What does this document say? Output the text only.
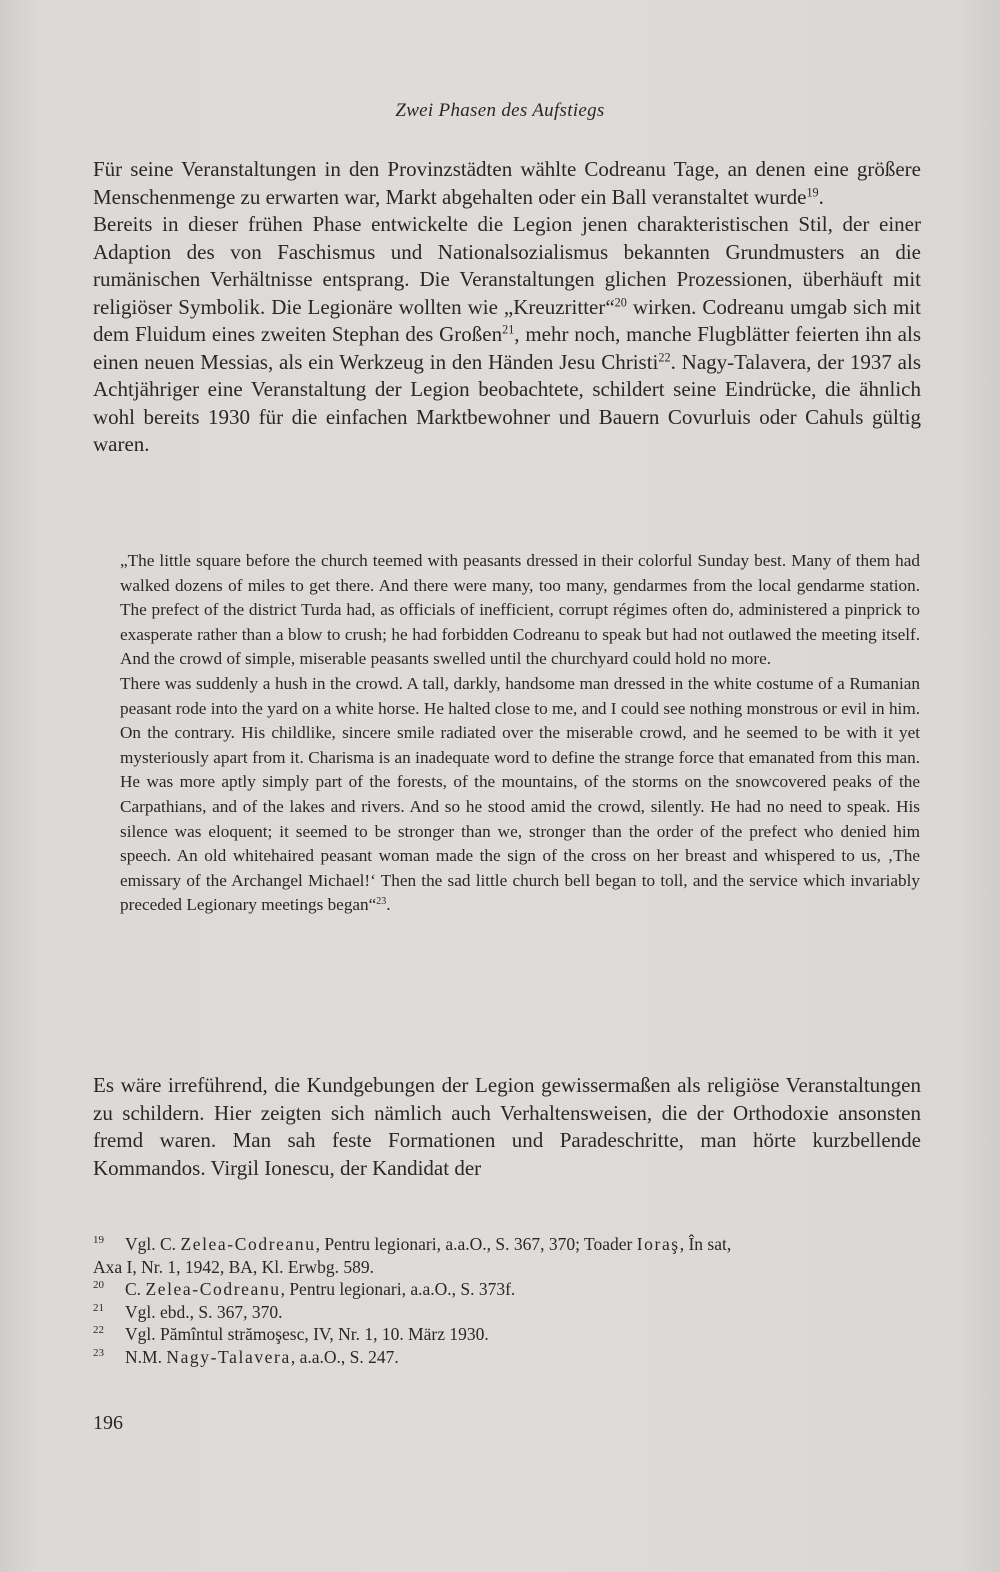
Zwei Phasen des Aufstiegs

Für seine Veranstaltungen in den Provinzstädten wählte Codreanu Tage, an denen eine größere Menschenmenge zu erwarten war, Markt abgehalten oder ein Ball veranstaltet wurde$^{19}$.

Bereits in dieser frühen Phase entwickelte die Legion jenen charakteristischen Stil, der einer Adaption des von Faschismus und Nationalsozialismus bekannten Grundmusters an die rumänischen Verhältnisse entsprang. Die Veranstaltungen glichen Prozessionen, überhäuft mit religiöser Symbolik. Die Legionäre wollten wie „Kreuzritter“$^{20}$ wirken. Codreanu umgab sich mit dem Fluidum eines zweiten Stephan des Großen$^{21}$, mehr noch, manche Flugblätter feierten ihn als einen neuen Messias, als ein Werkzeug in den Händen Jesu Christi$^{22}$. Nagy-Talavera, der 1937 als Achtjähriger eine Veranstaltung der Legion beobachtete, schildert seine Eindrücke, die ähnlich wohl bereits 1930 für die einfachen Marktbewohner und Bauern Covurluis oder Cahuls gültig waren.

„The little square before the church teemed with peasants dressed in their colorful Sunday best. Many of them had walked dozens of miles to get there. And there were many, too many, gendarmes from the local gendarme station. The prefect of the district Turda had, as officials of inefficient, corrupt régimes often do, administered a pinprick to exasperate rather than a blow to crush; he had forbidden Codreanu to speak but had not outlawed the meeting itself. And the crowd of simple, miserable peasants swelled until the churchyard could hold no more.

There was suddenly a hush in the crowd. A tall, darkly, handsome man dressed in the white costume of a Rumanian peasant rode into the yard on a white horse. He halted close to me, and I could see nothing monstrous or evil in him. On the contrary. His childlike, sincere smile radiated over the miserable crowd, and he seemed to be with it yet mysteriously apart from it. Charisma is an inadequate word to define the strange force that emanated from this man. He was more aptly simply part of the forests, of the mountains, of the storms on the snowcovered peaks of the Carpathians, and of the lakes and rivers. And so he stood amid the crowd, silently. He had no need to speak. His silence was eloquent; it seemed to be stronger than we, stronger than the order of the prefect who denied him speech. An old whitehaired peasant woman made the sign of the cross on her breast and whispered to us, ‚The emissary of the Archangel Michael!‘ Then the sad little church bell began to toll, and the service which invariably preceded Legionary meetings began“$^{23}$.

Es wäre irreführend, die Kundgebungen der Legion gewissermaßen als religiöse Veranstaltungen zu schildern. Hier zeigten sich nämlich auch Verhaltensweisen, die der Orthodoxie ansonsten fremd waren. Man sah feste Formationen und Paradeschritte, man hörte kurzbellende Kommandos. Virgil Ionescu, der Kandidat der

19 Vgl. C. Zelea-Codreanu, Pentru legionari, a.a.O., S. 367, 370; Toader Ioraş, În sat,
Axa I, Nr. 1, 1942, BA, Kl. Erwbg. 589.
20 C. Zelea-Codreanu, Pentru legionari, a.a.O., S. 373f.
21 Vgl. ebd., S. 367, 370.
22 Vgl. Pămîntul strămoşesc, IV, Nr. 1, 10. März 1930.
23 N.M. Nagy-Talavera, a.a.O., S. 247.
196
